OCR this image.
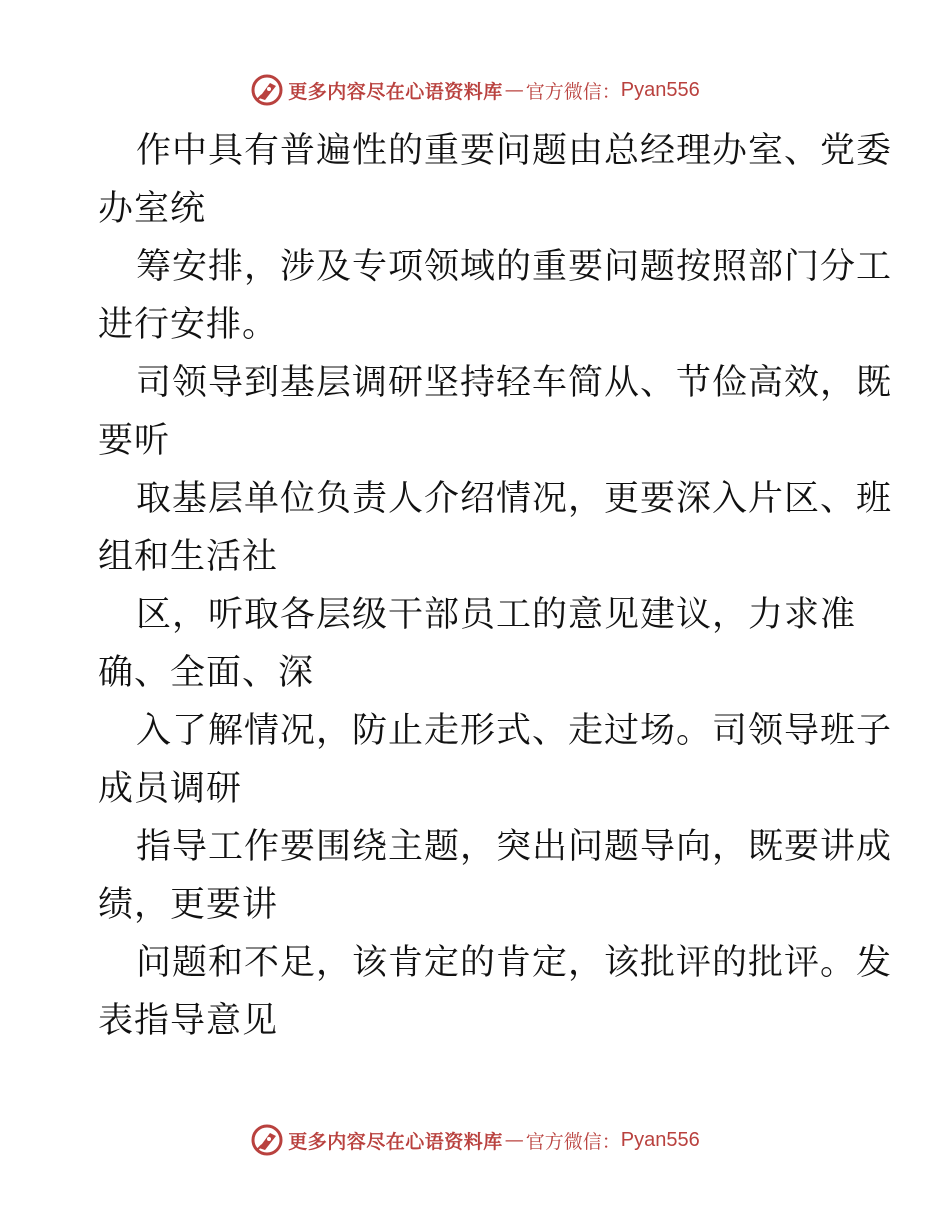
更多内容尽在心语资料库 — 官方微信： Pyan556
作中具有普遍性的重要问题由总经理办室、党委
办室统
筹安排，涉及专项领域的重要问题按照部门分工
进行安排。
司领导到基层调研坚持轻车简从、节俭高效，既
要听
取基层单位负责人介绍情况，更要深入片区、班
组和生活社
区，听取各层级干部员工的意见建议，力求准
确、全面、深
入了解情况，防止走形式、走过场。司领导班子
成员调研
指导工作要围绕主题，突出问题导向，既要讲成
绩，更要讲
问题和不足，该肯定的肯定，该批评的批评。发
表指导意见
更多内容尽在心语资料库 — 官方微信： Pyan556
